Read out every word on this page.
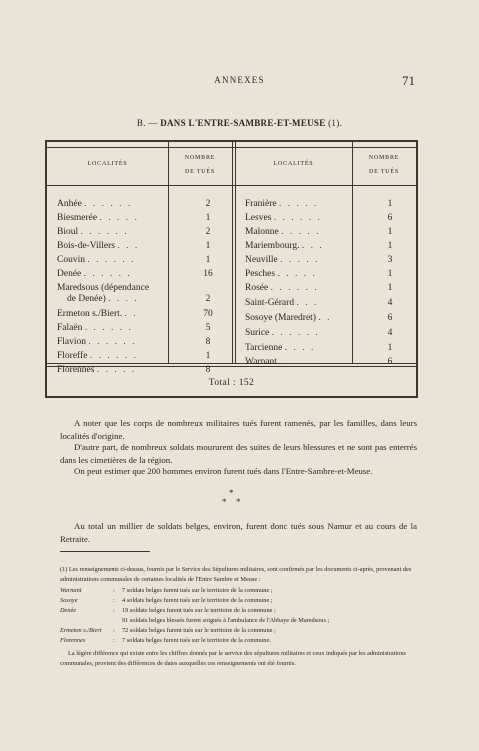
ANNEXES	71
B. — DANS L'ENTRE-SAMBRE-ET-MEUSE (1).
LOCALITÉS
NOMBRE
DE TUÉS
LOCALITÉS
NOMBRE
DE TUÉS
Anhée . . . . . .	2
Biesmerée . . . . .	1
Bioul . . . . . .	2
Bois-de-Villers . . .	1
Couvin . . . . . .	1
Denée . . . . . .	16
Maredsous (dépendance
de Denée) . . . .	2
Ermeton s./Biert. . .	70
Falaën . . . . . .	5
Flavion . . . . . .	8
Floreffe . . . . . .	1
Florennes . . . . .	8
Franière . . . . .	1
Lesves . . . . . .	6
Malonne . . . . .	1
Mariembourg. . . .	1
Neuville . . . . .	3
Pesches . . . . .	1
Rosée . . . . . .	1
Saint-Gérard . . .	4
Sosoye (Maredret) . .	6
Surice . . . . . .	4
Tarcienne . . . .	1
Warnant . . . . .	6
Total : 152
A noter que les corps de nombreux militaires tués furent ramenés, par les familles, dans leurs localités d'origine.
D'autre part, de nombreux soldats moururent des suites de leurs blessures et ne sont pas enterrés dans les cimetières de la région.
On peut estimer que 200 hommes environ furent tués dans l'Entre-Sambre-et-Meuse.
*
* *
Au total un millier de soldats belges, environ, furent donc tués sous Namur et au cours de la Retraite.
(1) Les renseignements ci-dessus, fournis par le Service des Sépultures militaires, sont confirmés par les documents ci-après, provenant des administrations communales de certaines localités de l'Entre Sambre et Meuse :
Warnant	: 7 soldats belges furent tués sur le territoire de la commune ;
Sosoye	: 4 soldats belges furent tués sur le territoire de la commune ;
Denée	: 19 soldats belges furent tués sur le territoire de la commune ;
91 soldats belges blessés furent soignés à l'ambulance de l'Abbaye de Maredsous ;
Ermeton s./Biert : 72 soldats belges furent tués sur le territoire de la commune ;
Florennes	: 7 soldats belges furent tués sur le territoire de la commune.
La légère différence qui existe entre les chiffres donnés par le service des sépultures militaires et ceux indiqués par les administrations communales, provient des différences de dates auxquelles ces renseignements ont été fournis.
